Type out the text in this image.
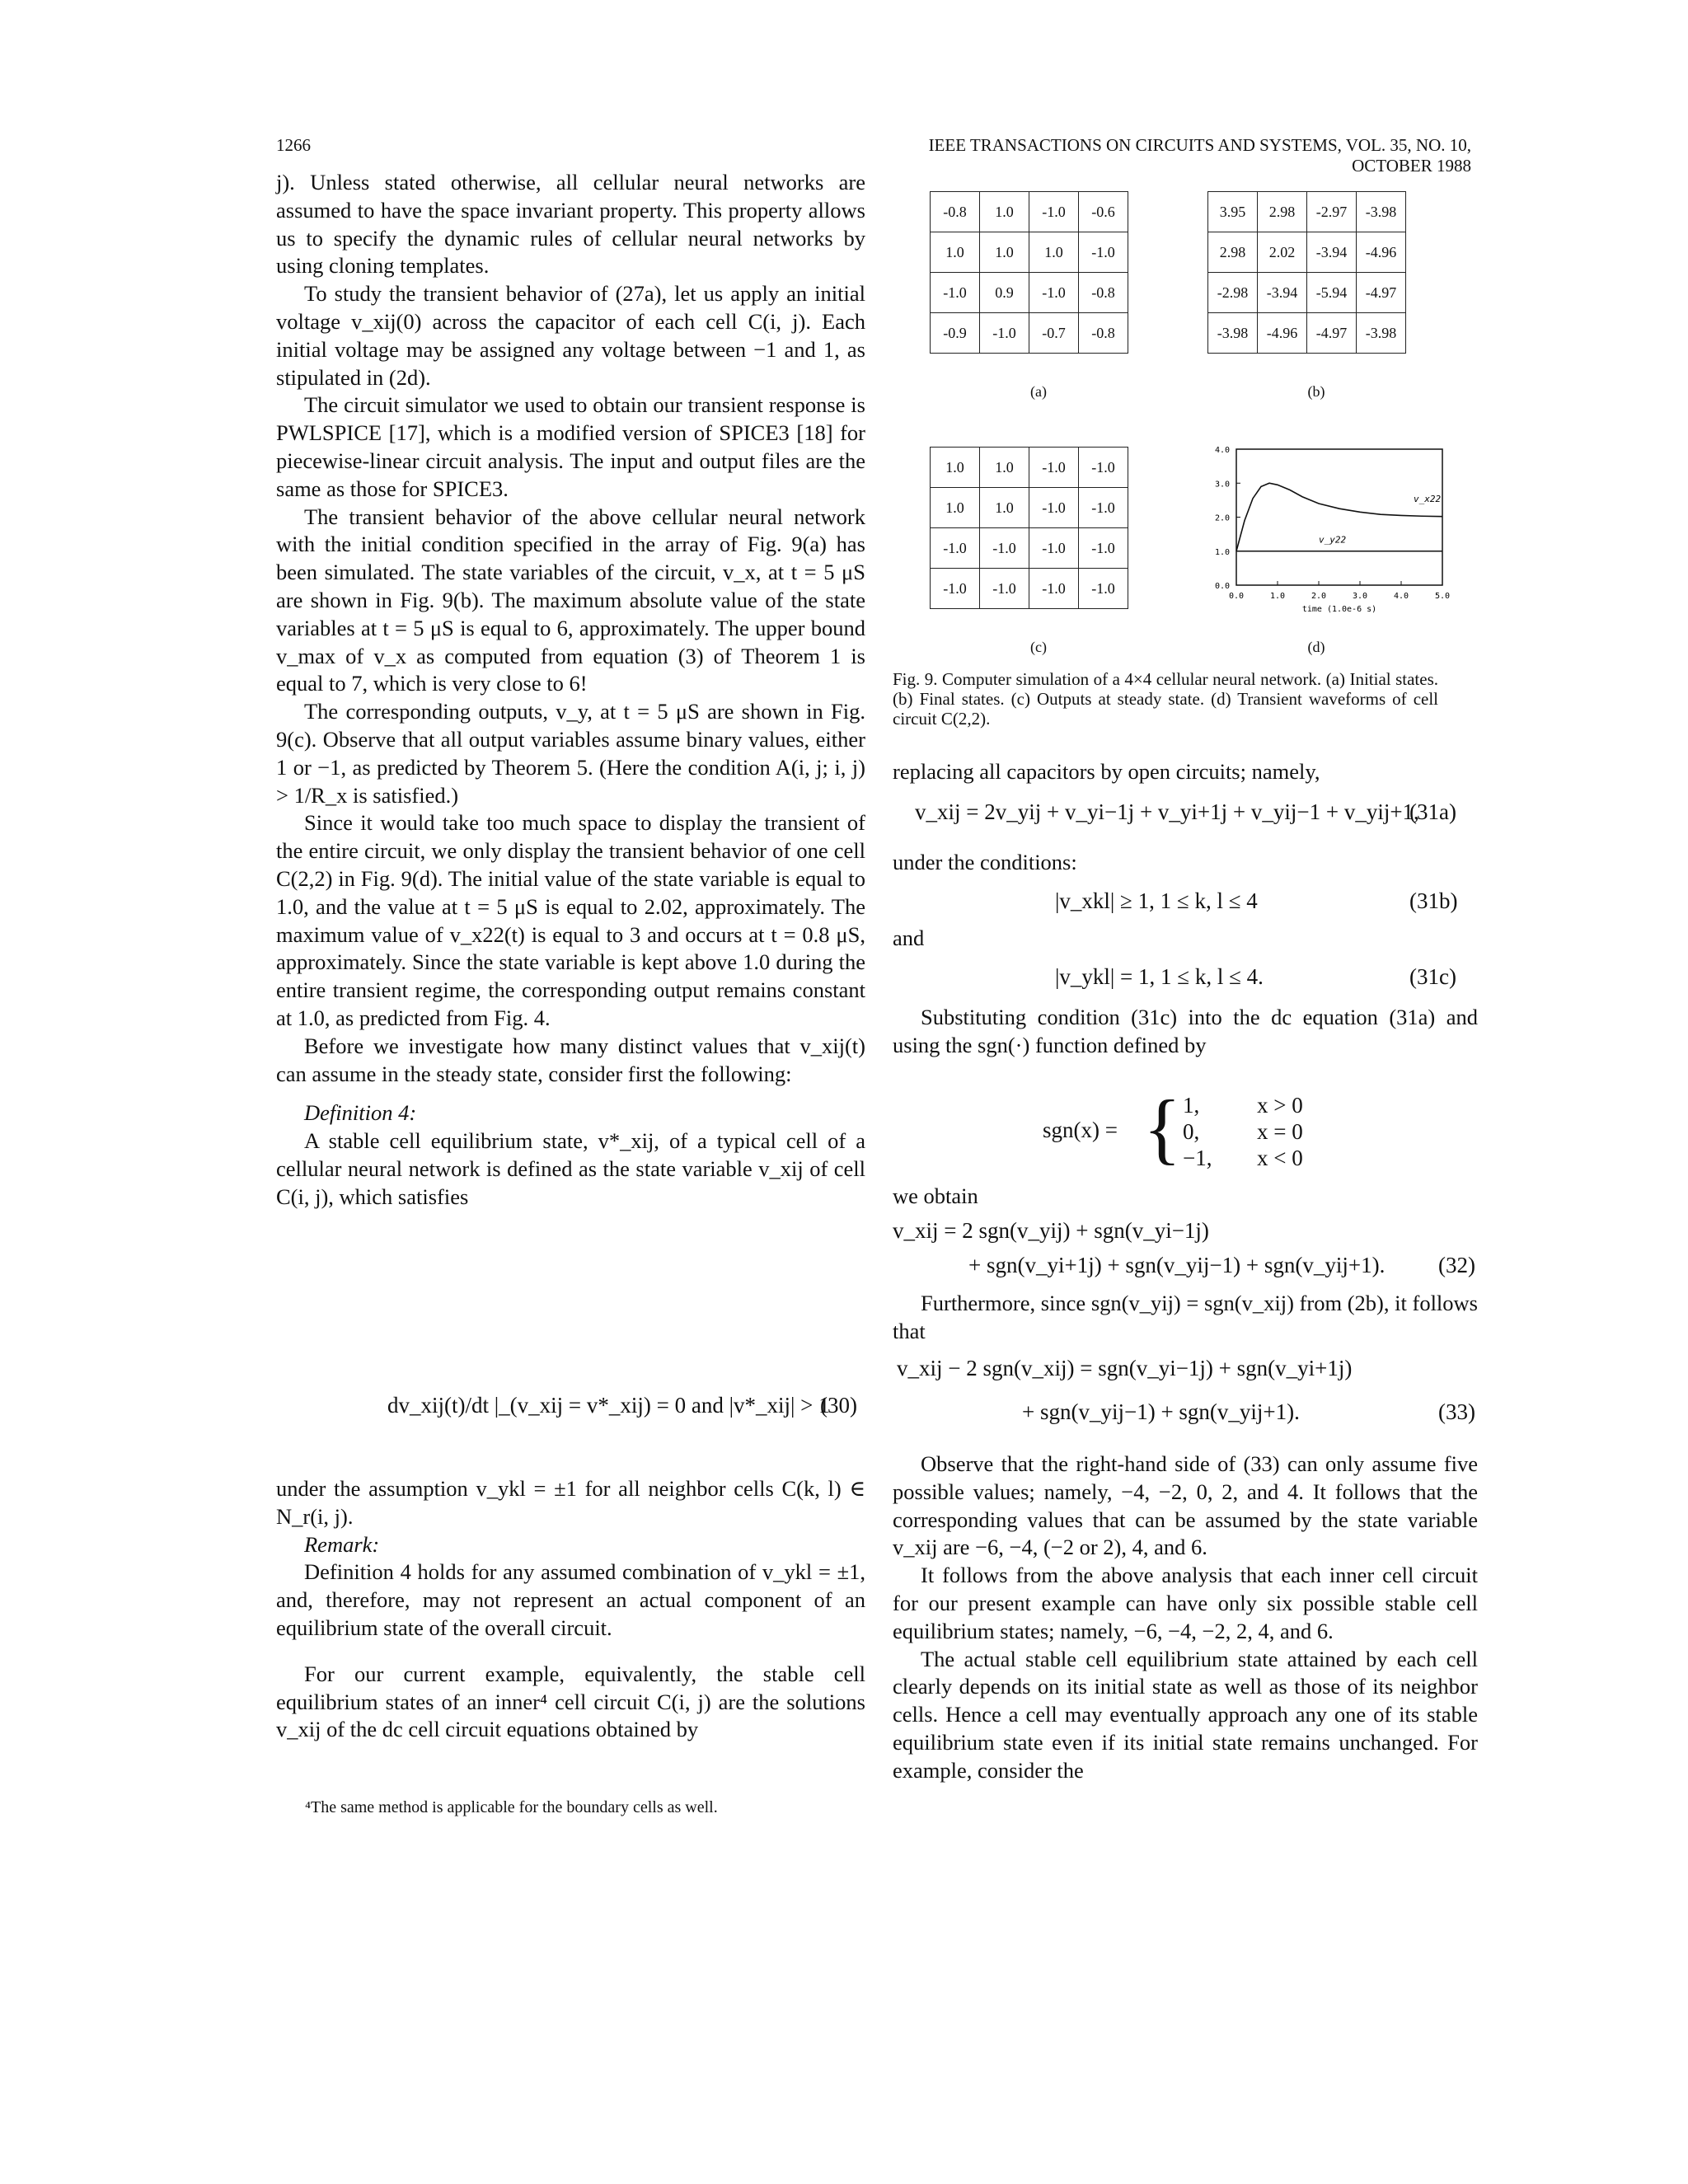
1266	IEEE TRANSACTIONS ON CIRCUITS AND SYSTEMS, VOL. 35, NO. 10, OCTOBER 1988

j). Unless stated otherwise, all cellular neural networks are assumed to have the space invariant property. This property allows us to specify the dynamic rules of cellular neural networks by using cloning templates.

To study the transient behavior of (27a), let us apply an initial voltage v_xij(0) across the capacitor of each cell C(i, j). Each initial voltage may be assigned any voltage between −1 and 1, as stipulated in (2d).

The circuit simulator we used to obtain our transient response is PWLSPICE [17], which is a modified version of SPICE3 [18] for piecewise-linear circuit analysis. The input and output files are the same as those for SPICE3.

The transient behavior of the above cellular neural network with the initial condition specified in the array of Fig. 9(a) has been simulated. The state variables of the circuit, v_x, at t = 5 μS are shown in Fig. 9(b). The maximum absolute value of the state variables at t = 5 μS is equal to 6, approximately. The upper bound v_max of v_x as computed from equation (3) of Theorem 1 is equal to 7, which is very close to 6!

The corresponding outputs, v_y, at t = 5 μS are shown in Fig. 9(c). Observe that all output variables assume binary values, either 1 or −1, as predicted by Theorem 5. (Here the condition A(i, j; i, j) > 1/R_x is satisfied.)

Since it would take too much space to display the transient of the entire circuit, we only display the transient behavior of one cell C(2,2) in Fig. 9(d). The initial value of the state variable is equal to 1.0, and the value at t = 5 μS is equal to 2.02, approximately. The maximum value of v_x22(t) is equal to 3 and occurs at t = 0.8 μS, approximately. Since the state variable is kept above 1.0 during the entire transient regime, the corresponding output remains constant at 1.0, as predicted from Fig. 4.

Before we investigate how many distinct values that v_xij(t) can assume in the steady state, consider first the following:

Definition 4:

A stable cell equilibrium state, v*_xij, of a typical cell of a cellular neural network is defined as the state variable v_xij of cell C(i, j), which satisfies

dv_xij(t)/dt |_(v_xij = v*_xij) = 0 and |v*_xij| > 1
(30)

under the assumption v_ykl = ±1 for all neighbor cells C(k, l) ∈ N_r(i, j).

Remark:

Definition 4 holds for any assumed combination of v_ykl = ±1, and, therefore, may not represent an actual component of an equilibrium state of the overall circuit.

For our current example, equivalently, the stable cell equilibrium states of an inner⁴ cell circuit C(i, j) are the solutions v_xij of the dc cell circuit equations obtained by

⁴The same method is applicable for the boundary cells as well.
-0.8	1.0	-1.0	-0.6
1.0	1.0	1.0	-1.0
-1.0	0.9	-1.0	-0.8
-0.9	-1.0	-0.7	-0.8
(a)
3.95	2.98	-2.97	-3.98
2.98	2.02	-3.94	-4.96
-2.98	-3.94	-5.94	-4.97
-3.98	-4.96	-4.97	-3.98
(b)
1.0	1.0	-1.0	-1.0
1.0	1.0	-1.0	-1.0
-1.0	-1.0	-1.0	-1.0
-1.0	-1.0	-1.0	-1.0
(c)
0.0
1.0
2.0
3.0
4.0
0.0	1.0	2.0	3.0	4.0	5.0
time (1.0e-6 s)
v_x22
v_y22
(d)
Fig. 9. Computer simulation of a 4×4 cellular neural network. (a) Initial states. (b) Final states. (c) Outputs at steady state. (d) Transient waveforms of cell circuit C(2,2).
replacing all capacitors by open circuits; namely,
v_xij = 2v_yij + v_yi−1j + v_yi+1j + v_yij−1 + v_yij+1,
(31a)
under the conditions:
|v_xkl| ≥ 1, 1 ≤ k, l ≤ 4	(31b)
and
|v_ykl| = 1, 1 ≤ k, l ≤ 4.	(31c)
Substituting condition (31c) into the dc equation (31a) and using the sgn(·) function defined by
sgn(x) = { 1,	x > 0
0,	x = 0
−1,	x < 0
we obtain
v_xij = 2 sgn(v_yij) + sgn(v_yi−1j)
+ sgn(v_yi+1j) + sgn(v_yij−1) + sgn(v_yij+1). (32)
Furthermore, since sgn(v_yij) = sgn(v_xij) from (2b), it follows that
v_xij − 2 sgn(v_xij) = sgn(v_yi−1j) + sgn(v_yi+1j)
+ sgn(v_yij−1) + sgn(v_yij+1).	(33)

Observe that the right-hand side of (33) can only assume five possible values; namely, −4, −2, 0, 2, and 4. It follows that the corresponding values that can be assumed by the state variable v_xij are −6, −4, (−2 or 2), 4, and 6.

It follows from the above analysis that each inner cell circuit for our present example can have only six possible stable cell equilibrium states; namely, −6, −4, −2, 2, 4, and 6.

The actual stable cell equilibrium state attained by each cell clearly depends on its initial state as well as those of its neighbor cells. Hence a cell may eventually approach any one of its stable equilibrium state even if its initial state remains unchanged. For example, consider the
